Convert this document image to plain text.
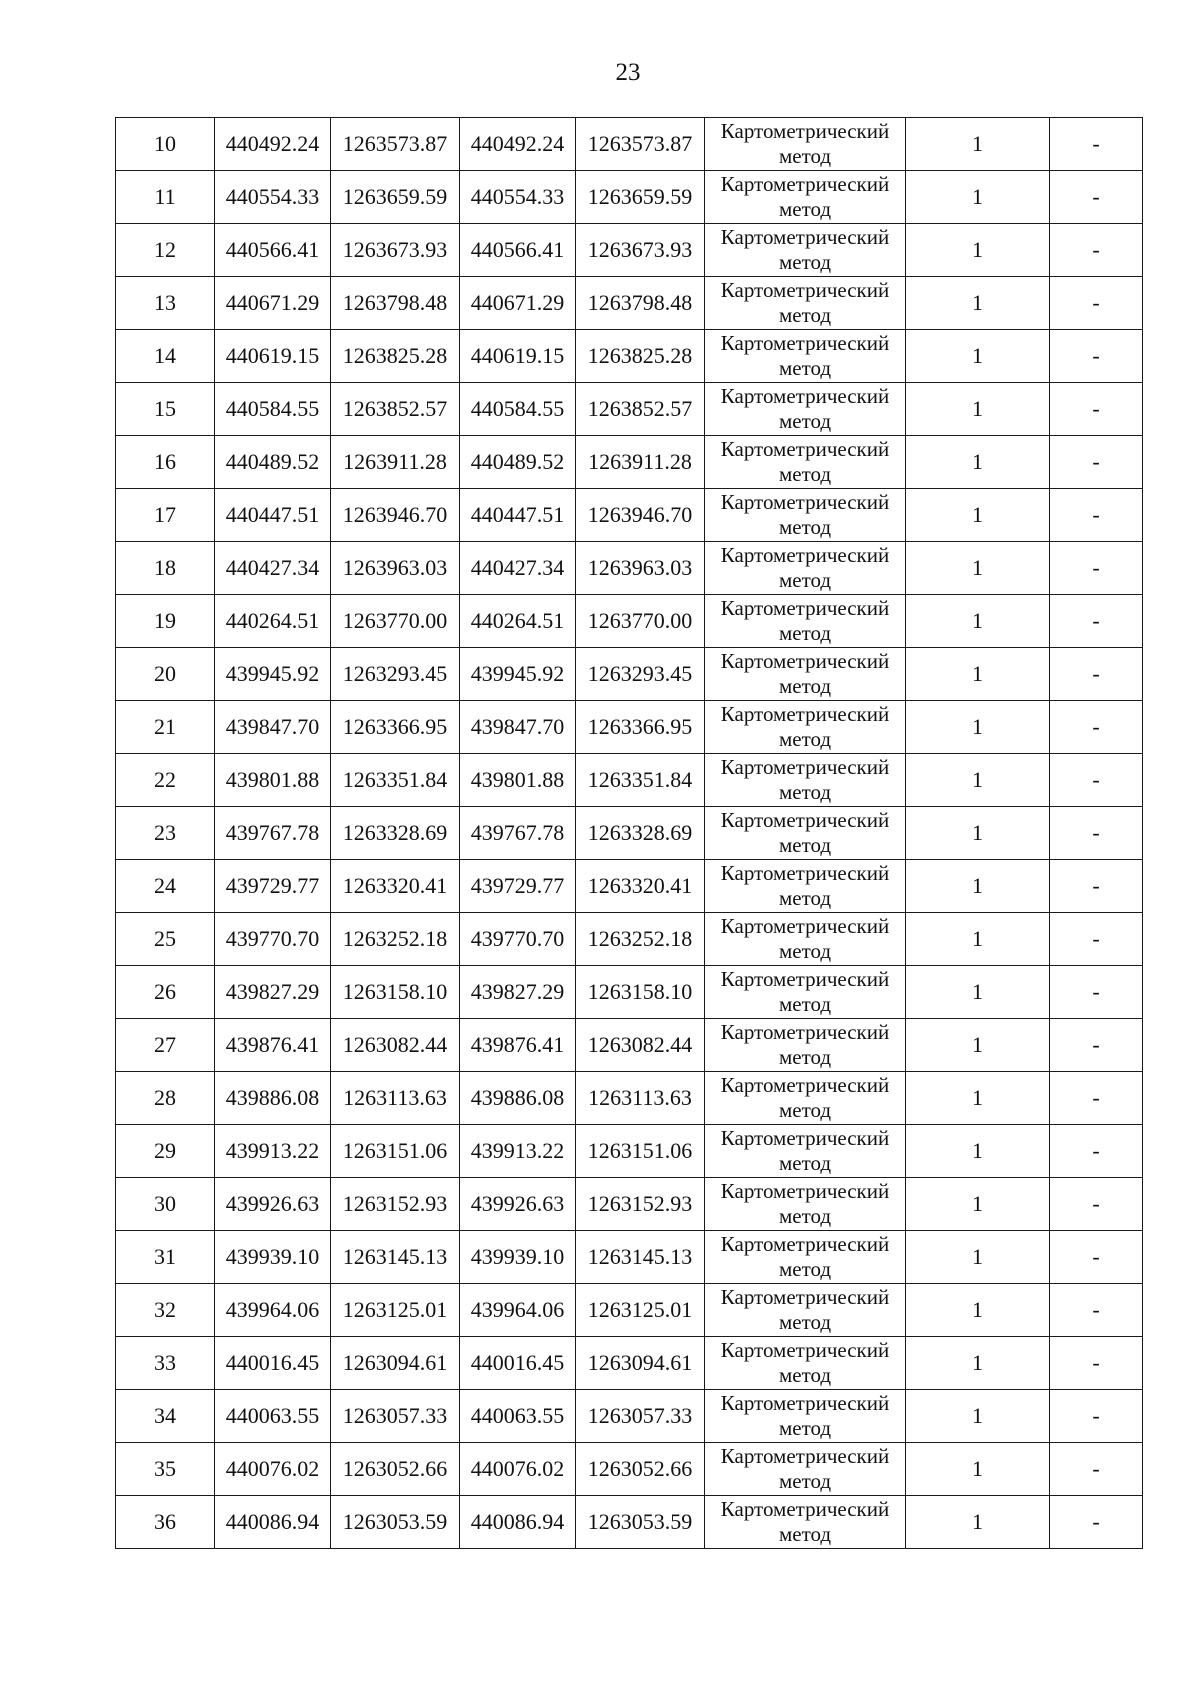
23
10	440492.24	1263573.87	440492.24	1263573.87	Картометрический
метод	1	-
11	440554.33	1263659.59	440554.33	1263659.59	Картометрический
метод	1	-
12	440566.41	1263673.93	440566.41	1263673.93	Картометрический
метод	1	-
13	440671.29	1263798.48	440671.29	1263798.48	Картометрический
метод	1	-
14	440619.15	1263825.28	440619.15	1263825.28	Картометрический
метод	1	-
15	440584.55	1263852.57	440584.55	1263852.57	Картометрический
метод	1	-
16	440489.52	1263911.28	440489.52	1263911.28	Картометрический
метод	1	-
17	440447.51	1263946.70	440447.51	1263946.70	Картометрический
метод	1	-
18	440427.34	1263963.03	440427.34	1263963.03	Картометрический
метод	1	-
19	440264.51	1263770.00	440264.51	1263770.00	Картометрический
метод	1	-
20	439945.92	1263293.45	439945.92	1263293.45	Картометрический
метод	1	-
21	439847.70	1263366.95	439847.70	1263366.95	Картометрический
метод	1	-
22	439801.88	1263351.84	439801.88	1263351.84	Картометрический
метод	1	-
23	439767.78	1263328.69	439767.78	1263328.69	Картометрический
метод	1	-
24	439729.77	1263320.41	439729.77	1263320.41	Картометрический
метод	1	-
25	439770.70	1263252.18	439770.70	1263252.18	Картометрический
метод	1	-
26	439827.29	1263158.10	439827.29	1263158.10	Картометрический
метод	1	-
27	439876.41	1263082.44	439876.41	1263082.44	Картометрический
метод	1	-
28	439886.08	1263113.63	439886.08	1263113.63	Картометрический
метод	1	-
29	439913.22	1263151.06	439913.22	1263151.06	Картометрический
метод	1	-
30	439926.63	1263152.93	439926.63	1263152.93	Картометрический
метод	1	-
31	439939.10	1263145.13	439939.10	1263145.13	Картометрический
метод	1	-
32	439964.06	1263125.01	439964.06	1263125.01	Картометрический
метод	1	-
33	440016.45	1263094.61	440016.45	1263094.61	Картометрический
метод	1	-
34	440063.55	1263057.33	440063.55	1263057.33	Картометрический
метод	1	-
35	440076.02	1263052.66	440076.02	1263052.66	Картометрический
метод	1	-
36	440086.94	1263053.59	440086.94	1263053.59	Картометрический
метод	1	-
